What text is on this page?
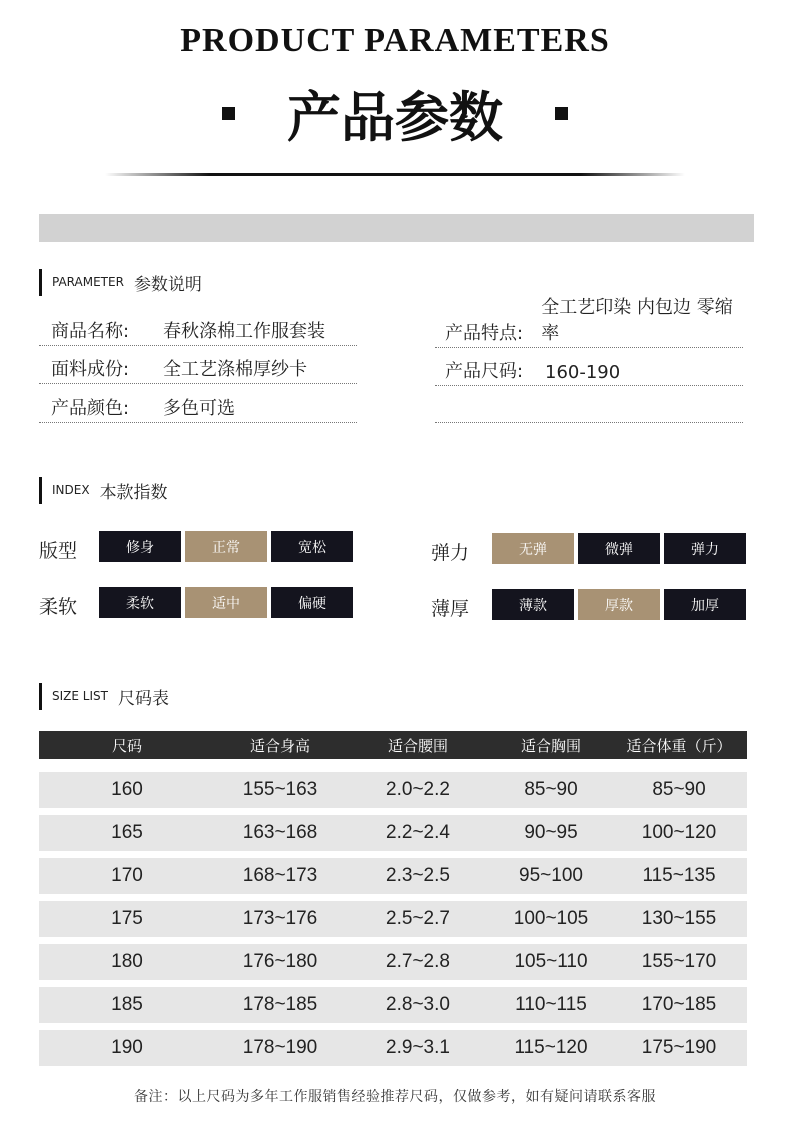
PRODUCT PARAMETERS
产品参数
PARAMETER 参数说明
商品名称:	春秋涤棉工作服套装
面料成份:	全工艺涤棉厚纱卡
产品颜色:	多色可选
产品特点:
全工艺印染 内包边 零缩率
产品尺码:	160-190
INDEX 本款指数
版型	修身	正常	宽松	弹力	无弹	微弹	弹力
柔软	柔软	适中	偏硬	薄厚	薄款	厚款	加厚
SIZE LIST 尺码表
尺码	适合身高	适合腰围	适合胸围	适合体重（斤）
160	155~163	2.0~2.2	85~90	85~90
165	163~168	2.2~2.4	90~95	100~120
170	168~173	2.3~2.5	95~100	115~135
175	173~176	2.5~2.7	100~105	130~155
180	176~180	2.7~2.8	105~110	155~170
185	178~185	2.8~3.0	110~115	170~185
190	178~190	2.9~3.1	115~120	175~190
备注：以上尺码为多年工作服销售经验推荐尺码，仅做参考，如有疑问请联系客服
